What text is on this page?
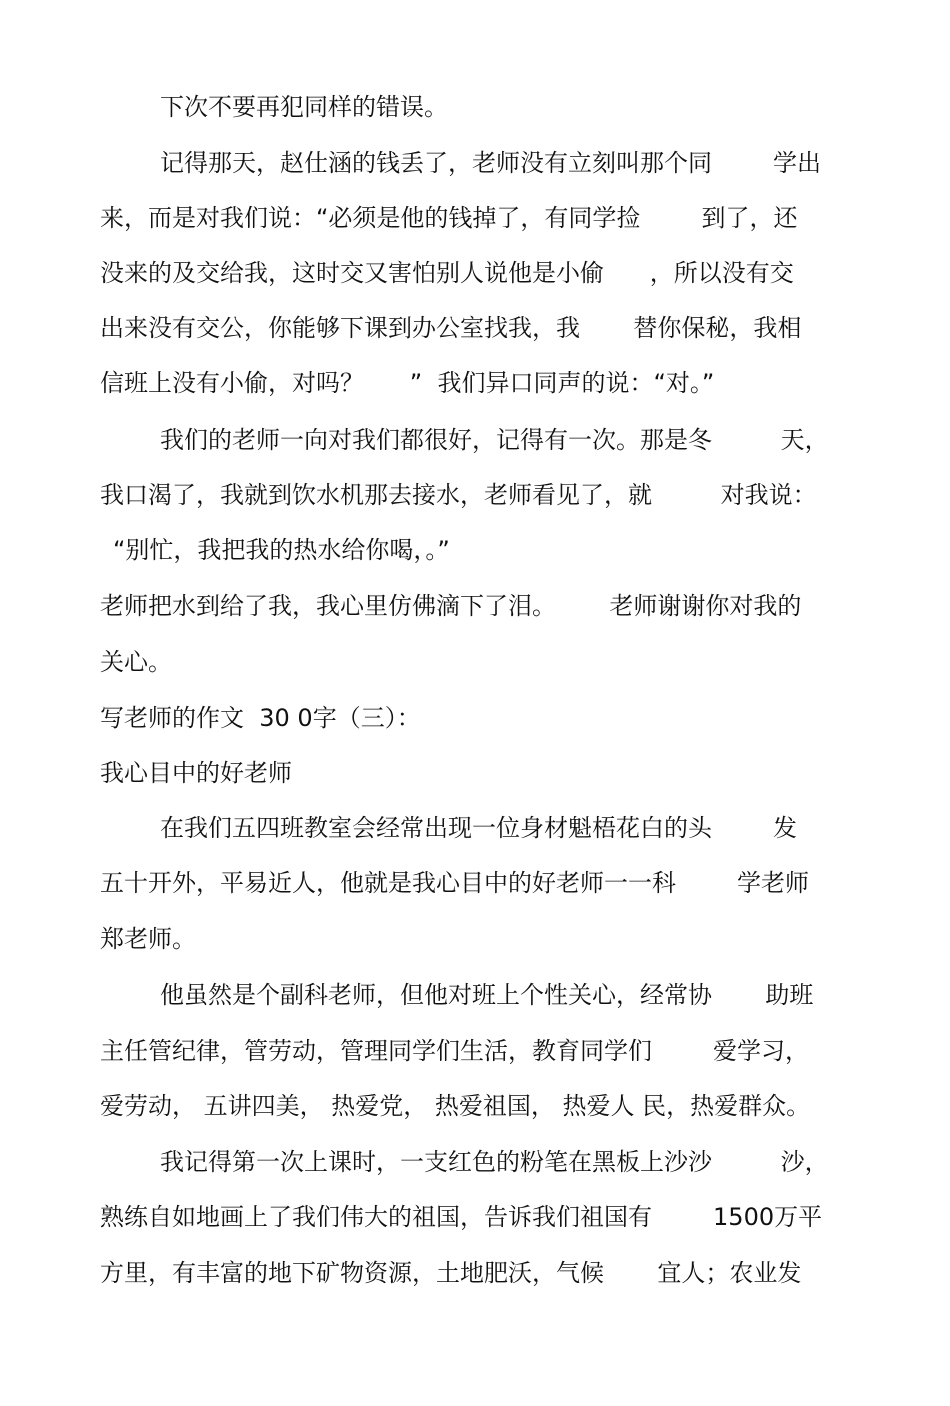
下次不要再犯同样的错误。
记得那天，赵仕涵的钱丢了，老师没有立刻叫那个同        学出
来，而是对我们说：“必须是他的钱掉了，有同学捡        到了，还
没来的及交给我，这时交又害怕别人说他是小偷      ，所以没有交
出来没有交公，你能够下课到办公室找我，我       替你保秘，我相
信班上没有小偷，对吗？      ”  我们异口同声的说：“对。”
我们的老师一向对我们都很好，记得有一次。那是冬         天，
我口渴了，我就到饮水机那去接水，老师看见了，就         对我说：
“别忙，我把我的热水给你喝，。”
老师把水到给了我，我心里仿佛滴下了泪。       老师谢谢你对我的
关心。
写老师的作文  30 0字（三）：
我心目中的好老师
在我们五四班教室会经常出现一位身材魁梧花白的头        发
五十开外，平易近人，他就是我心目中的好老师一一科        学老师
郑老师。
他虽然是个副科老师，但他对班上个性关心，经常协       助班
主任管纪律，管劳动，管理同学们生活，教育同学们        爱学习，
爱劳动， 五讲四美， 热爱党， 热爱祖国， 热爱人 民，热爱群众。
我记得第一次上课时，一支红色的粉笔在黑板上沙沙         沙，
熟练自如地画上了我们伟大的祖国，告诉我们祖国有        1500万平
方里，有丰富的地下矿物资源，土地肥沃，气候       宜人；农业发
